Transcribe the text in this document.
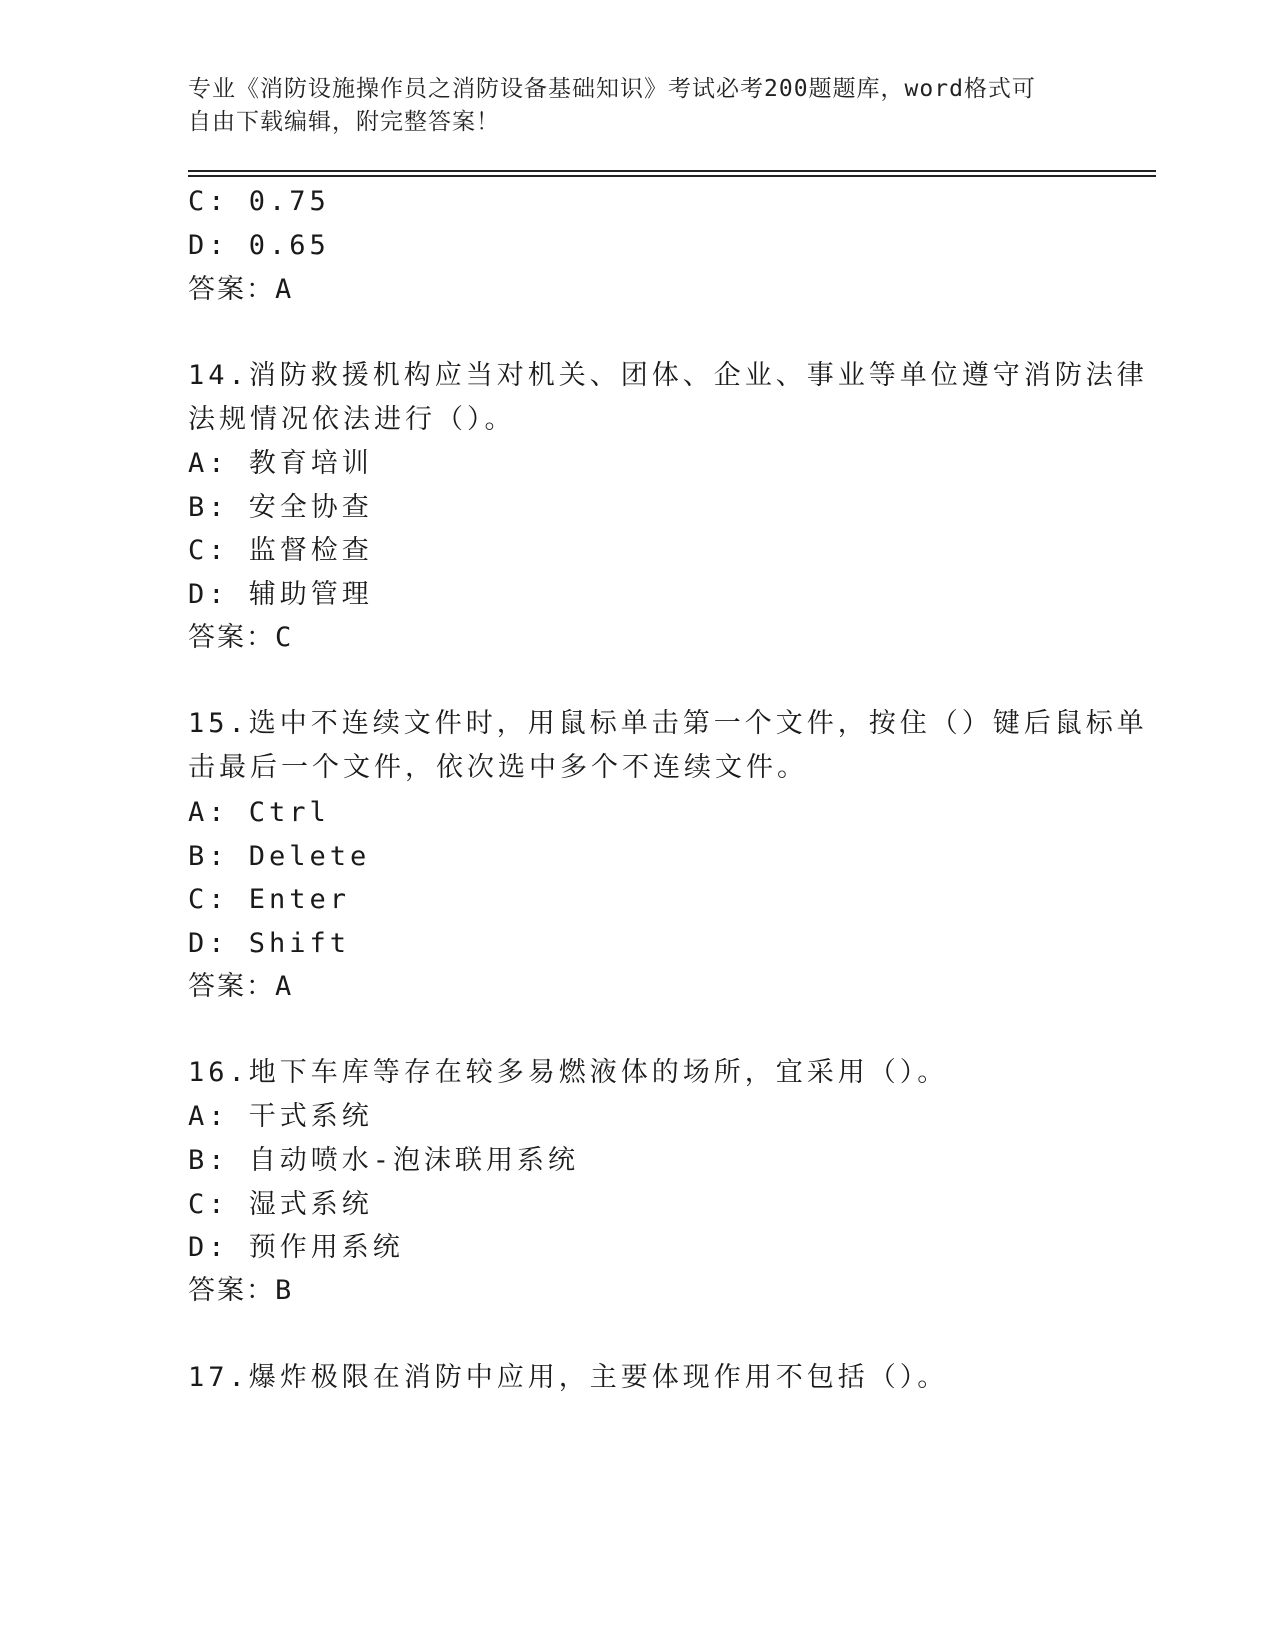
专业《消防设施操作员之消防设备基础知识》考试必考200题题库，word格式可
自由下载编辑，附完整答案！
C: 0.75
D: 0.65
答案：A
14.消防救援机构应当对机关、团体、企业、事业等单位遵守消防法律
法规情况依法进行（）。
A: 教育培训
B: 安全协查
C: 监督检查
D: 辅助管理
答案：C
15.选中不连续文件时，用鼠标单击第一个文件，按住（）键后鼠标单
击最后一个文件，依次选中多个不连续文件。
A: Ctrl
B: Delete
C: Enter
D: Shift
答案：A
16.地下车库等存在较多易燃液体的场所，宜采用（）。
A: 干式系统
B: 自动喷水-泡沫联用系统
C: 湿式系统
D: 预作用系统
答案：B
17.爆炸极限在消防中应用，主要体现作用不包括（）。
